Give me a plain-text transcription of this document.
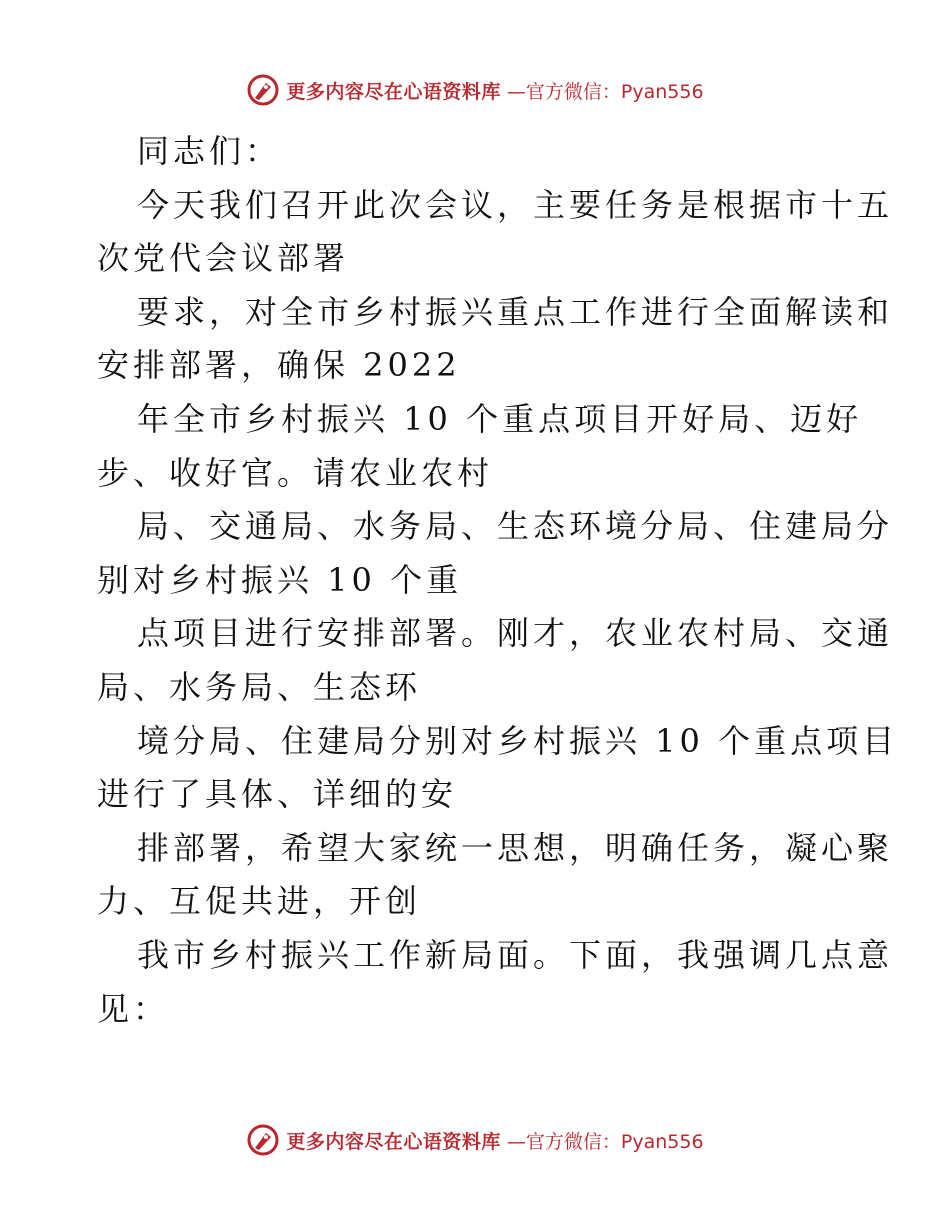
更多内容尽在心语资料库 —官方微信：Pyan556
同志们：
今天我们召开此次会议，主要任务是根据市十五
次党代会议部署
要求，对全市乡村振兴重点工作进行全面解读和
安排部署，确保 2022
年全市乡村振兴 10 个重点项目开好局、迈好
步、收好官。请农业农村
局、交通局、水务局、生态环境分局、住建局分
别对乡村振兴 10 个重
点项目进行安排部署。刚才，农业农村局、交通
局、水务局、生态环
境分局、住建局分别对乡村振兴 10 个重点项目
进行了具体、详细的安
排部署，希望大家统一思想，明确任务，凝心聚
力、互促共进，开创
我市乡村振兴工作新局面。下面，我强调几点意
见：
更多内容尽在心语资料库 —官方微信：Pyan556
